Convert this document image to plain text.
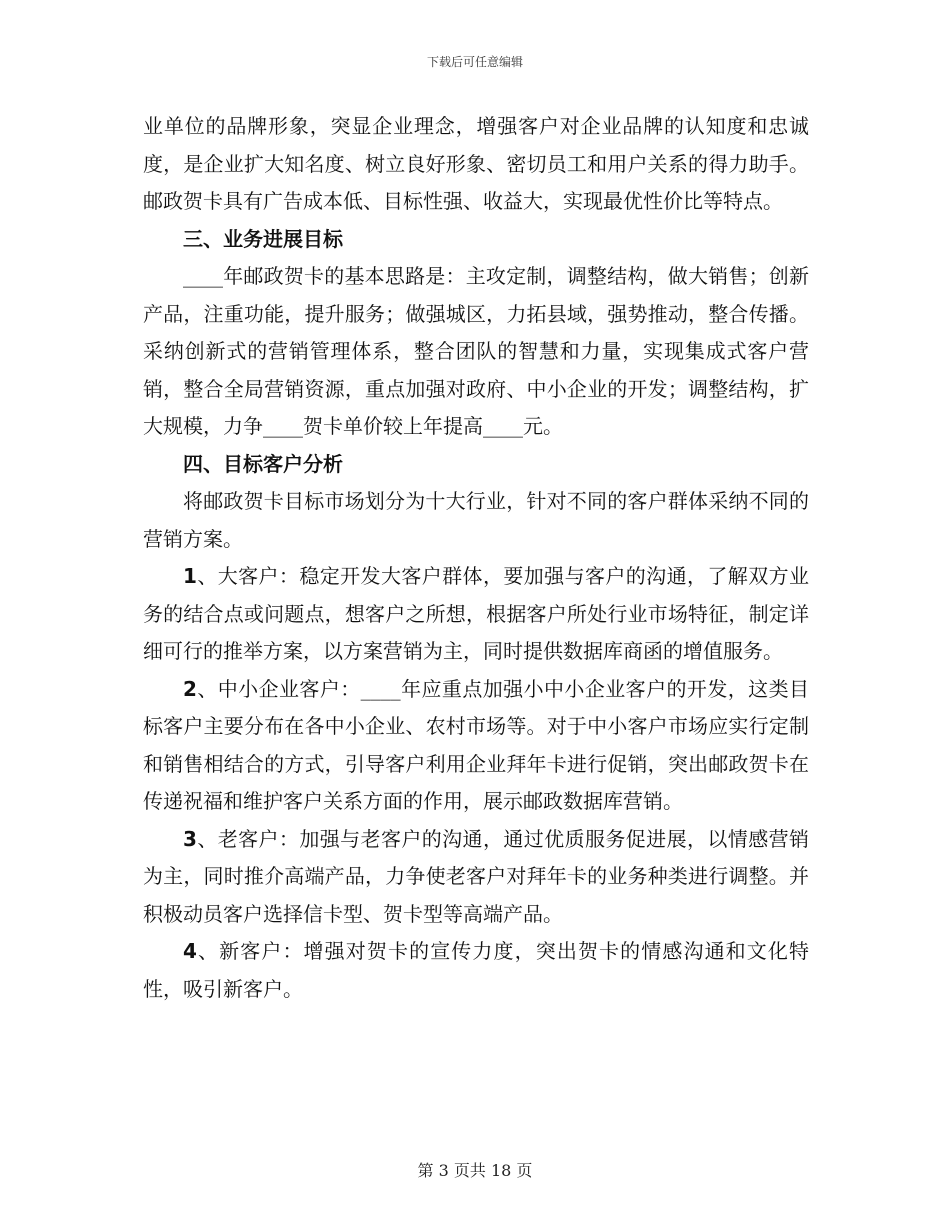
下载后可任意编辑

业单位的品牌形象，突显企业理念，增强客户对企业品牌的认知度和忠诚度，是企业扩大知名度、树立良好形象、密切员工和用户关系的得力助手。邮政贺卡具有广告成本低、目标性强、收益大，实现最优性价比等特点。

三、业务进展目标

____年邮政贺卡的基本思路是：主攻定制，调整结构，做大销售；创新产品，注重功能，提升服务；做强城区，力拓县域，强势推动，整合传播。采纳创新式的营销管理体系，整合团队的智慧和力量，实现集成式客户营销，整合全局营销资源，重点加强对政府、中小企业的开发；调整结构，扩大规模，力争____贺卡单价较上年提高____元。

四、目标客户分析

将邮政贺卡目标市场划分为十大行业，针对不同的客户群体采纳不同的营销方案。

1、大客户：稳定开发大客户群体，要加强与客户的沟通，了解双方业务的结合点或问题点，想客户之所想，根据客户所处行业市场特征，制定详细可行的推举方案，以方案营销为主，同时提供数据库商函的增值服务。

2、中小企业客户：____年应重点加强小中小企业客户的开发，这类目标客户主要分布在各中小企业、农村市场等。对于中小客户市场应实行定制和销售相结合的方式，引导客户利用企业拜年卡进行促销，突出邮政贺卡在传递祝福和维护客户关系方面的作用，展示邮政数据库营销。

3、老客户：加强与老客户的沟通，通过优质服务促进展，以情感营销为主，同时推介高端产品，力争使老客户对拜年卡的业务种类进行调整。并积极动员客户选择信卡型、贺卡型等高端产品。

4、新客户：增强对贺卡的宣传力度，突出贺卡的情感沟通和文化特性，吸引新客户。

第 3 页共 18 页
